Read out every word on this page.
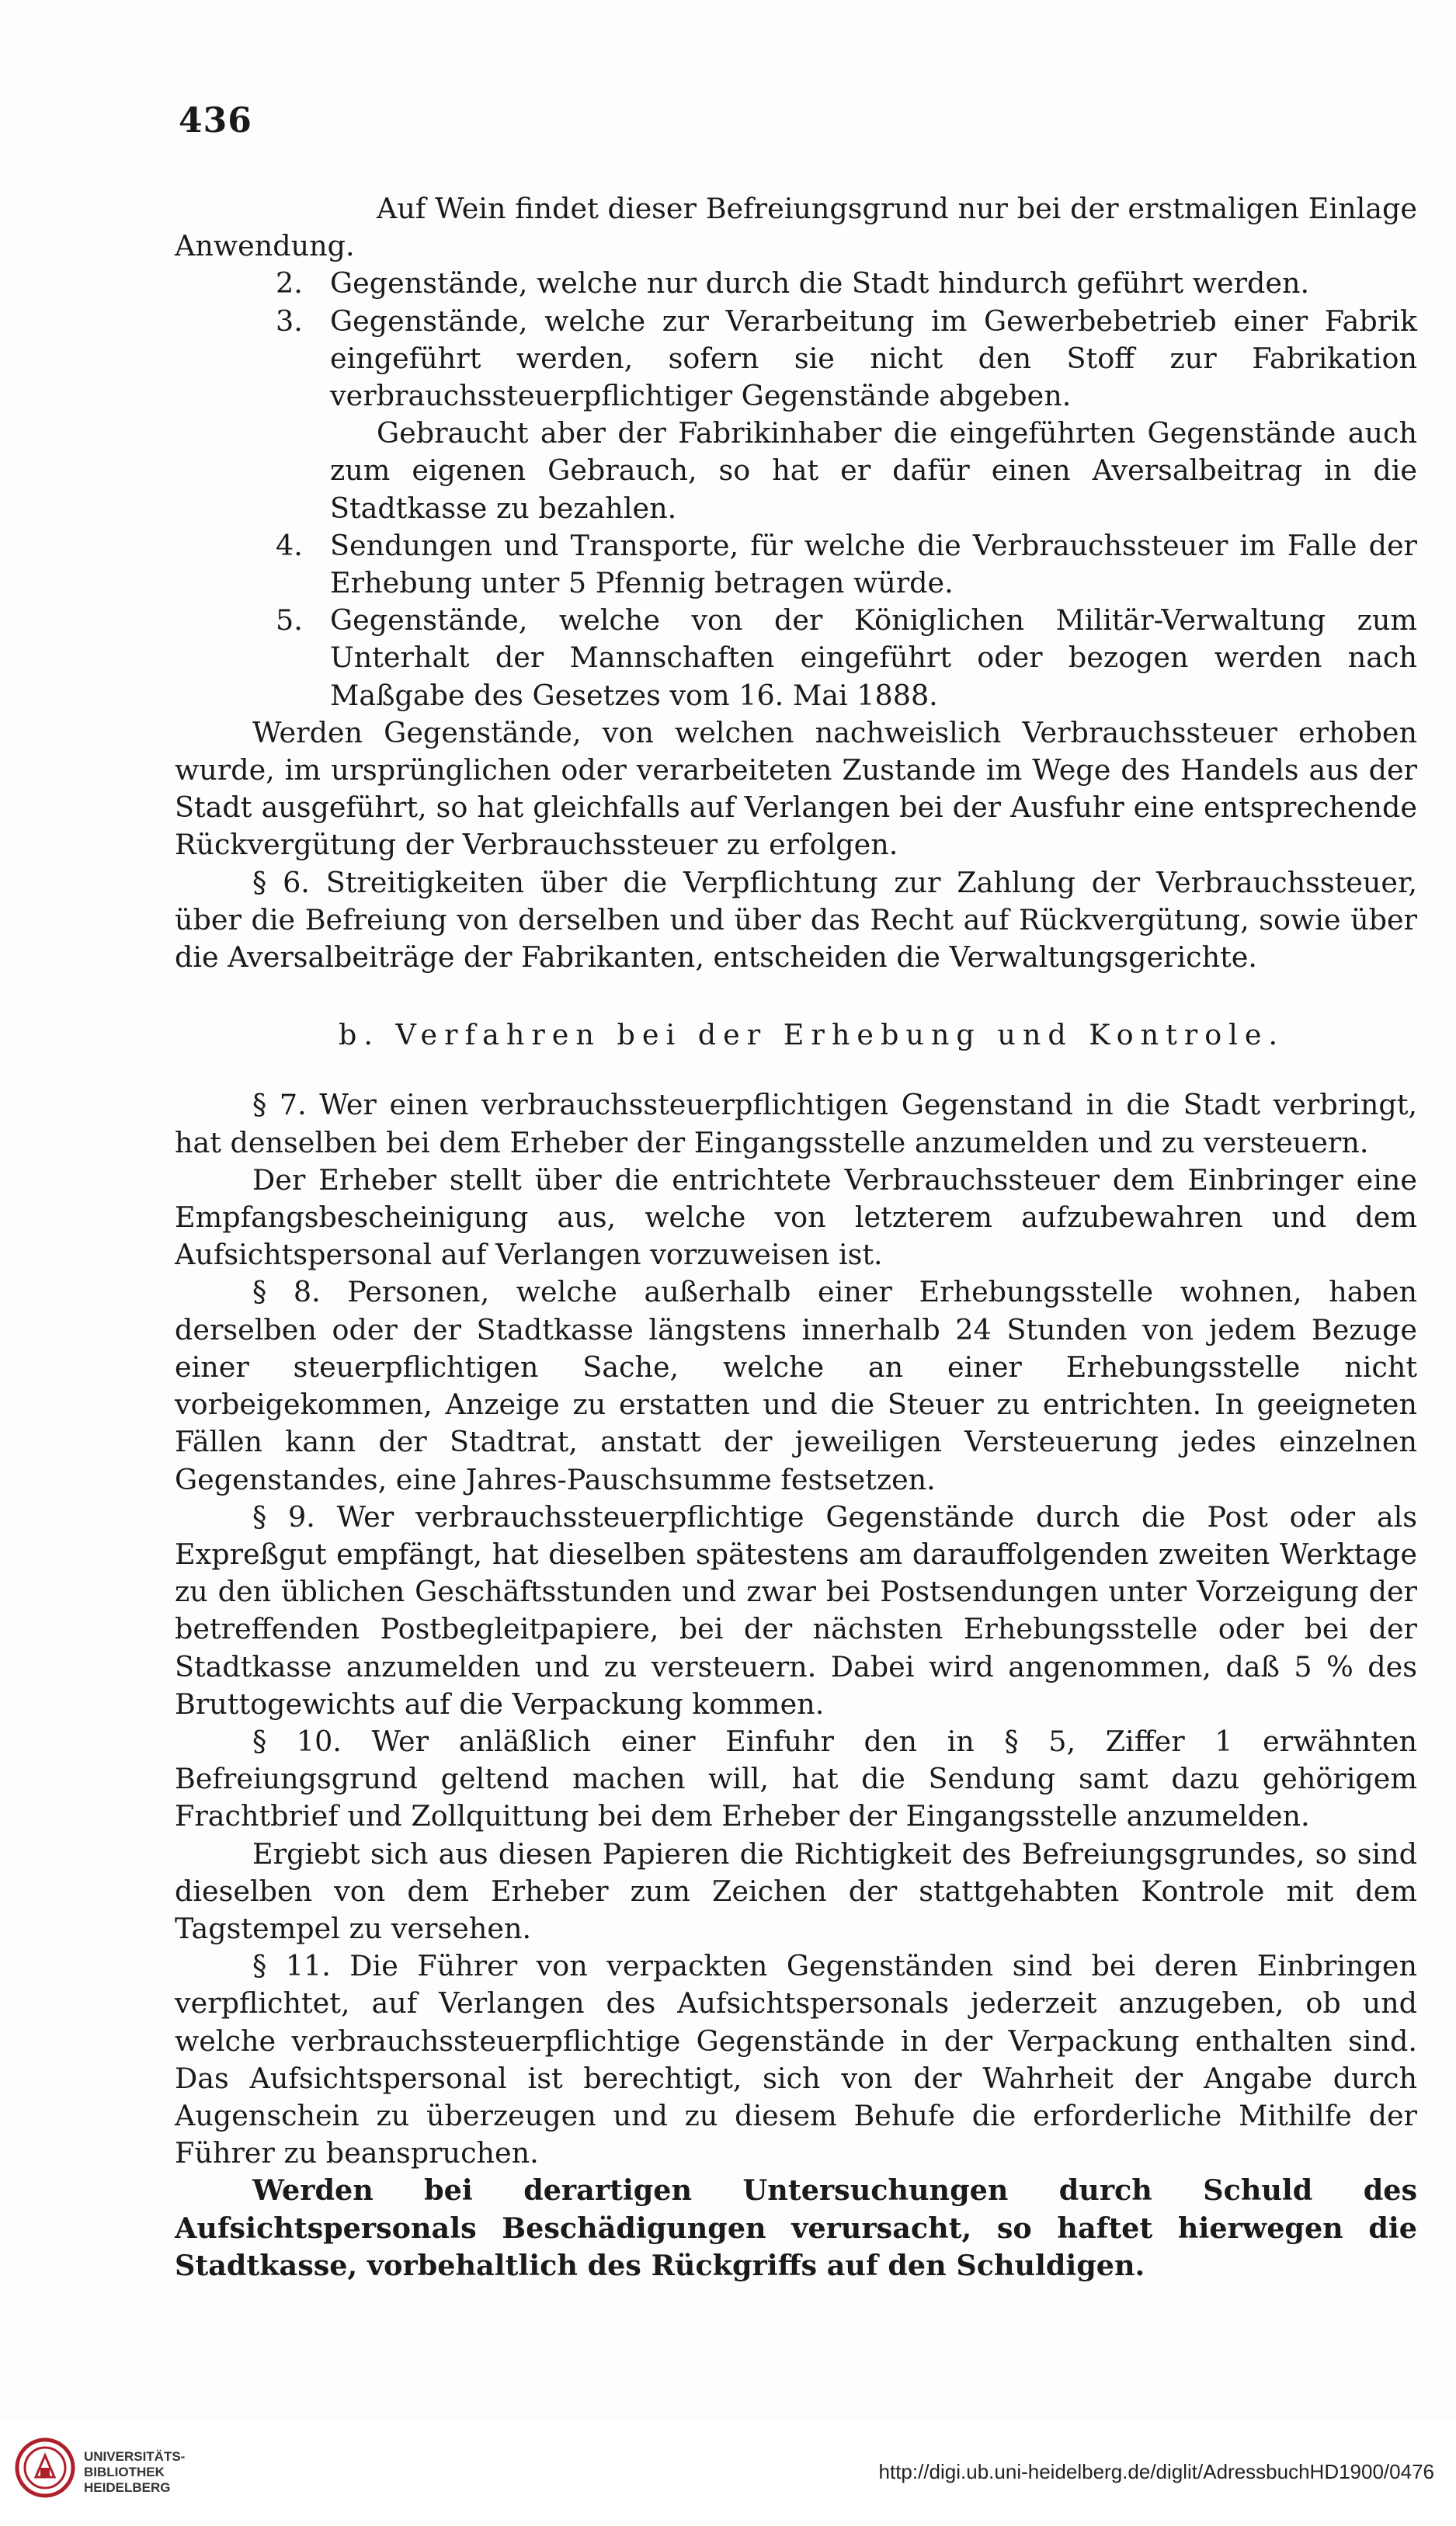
436

Auf Wein findet dieser Befreiungsgrund nur bei der erstmaligen Einlage Anwendung.

2. Gegenstände, welche nur durch die Stadt hindurch geführt werden.

3. Gegenstände, welche zur Verarbeitung im Gewerbebetrieb einer Fabrik eingeführt werden, sofern sie nicht den Stoff zur Fabrikation verbrauchssteuerpflichtiger Gegenstände abgeben.

Gebraucht aber der Fabrikinhaber die eingeführten Gegenstände auch zum eigenen Gebrauch, so hat er dafür einen Aversalbeitrag in die Stadtkasse zu bezahlen.

4. Sendungen und Transporte, für welche die Verbrauchssteuer im Falle der Erhebung unter 5 Pfennig betragen würde.

5. Gegenstände, welche von der Königlichen Militär-Verwaltung zum Unterhalt der Mannschaften eingeführt oder bezogen werden nach Maßgabe des Gesetzes vom 16. Mai 1888.

Werden Gegenstände, von welchen nachweislich Verbrauchssteuer erhoben wurde, im ursprünglichen oder verarbeiteten Zustande im Wege des Handels aus der Stadt ausgeführt, so hat gleichfalls auf Verlangen bei der Ausfuhr eine entsprechende Rückvergütung der Verbrauchssteuer zu erfolgen.

§ 6. Streitigkeiten über die Verpflichtung zur Zahlung der Verbrauchssteuer, über die Befreiung von derselben und über das Recht auf Rückvergütung, sowie über die Aversalbeiträge der Fabrikanten, entscheiden die Verwaltungsgerichte.

b. Verfahren bei der Erhebung und Kontrole.

§ 7. Wer einen verbrauchssteuerpflichtigen Gegenstand in die Stadt verbringt, hat denselben bei dem Erheber der Eingangsstelle anzumelden und zu versteuern.

Der Erheber stellt über die entrichtete Verbrauchssteuer dem Einbringer eine Empfangsbescheinigung aus, welche von letzterem aufzubewahren und dem Aufsichtspersonal auf Verlangen vorzuweisen ist.

§ 8. Personen, welche außerhalb einer Erhebungsstelle wohnen, haben derselben oder der Stadtkasse längstens innerhalb 24 Stunden von jedem Bezuge einer steuerpflichtigen Sache, welche an einer Erhebungsstelle nicht vorbeigekommen, Anzeige zu erstatten und die Steuer zu entrichten. In geeigneten Fällen kann der Stadtrat, anstatt der jeweiligen Versteuerung jedes einzelnen Gegenstandes, eine Jahres-Pauschsumme festsetzen.

§ 9. Wer verbrauchssteuerpflichtige Gegenstände durch die Post oder als Expreßgut empfängt, hat dieselben spätestens am darauffolgenden zweiten Werktage zu den üblichen Geschäftsstunden und zwar bei Postsendungen unter Vorzeigung der betreffenden Postbegleitpapiere, bei der nächsten Erhebungsstelle oder bei der Stadtkasse anzumelden und zu versteuern. Dabei wird angenommen, daß 5 % des Bruttogewichts auf die Verpackung kommen.

§ 10. Wer anläßlich einer Einfuhr den in § 5, Ziffer 1 erwähnten Befreiungsgrund geltend machen will, hat die Sendung samt dazu gehörigem Frachtbrief und Zollquittung bei dem Erheber der Eingangsstelle anzumelden.

Ergiebt sich aus diesen Papieren die Richtigkeit des Befreiungsgrundes, so sind dieselben von dem Erheber zum Zeichen der stattgehabten Kontrole mit dem Tagstempel zu versehen.

§ 11. Die Führer von verpackten Gegenständen sind bei deren Einbringen verpflichtet, auf Verlangen des Aufsichtspersonals jederzeit anzugeben, ob und welche verbrauchssteuerpflichtige Gegenstände in der Verpackung enthalten sind. Das Aufsichtspersonal ist berechtigt, sich von der Wahrheit der Angabe durch Augenschein zu überzeugen und zu diesem Behufe die erforderliche Mithilfe der Führer zu beanspruchen.

Werden bei derartigen Untersuchungen durch Schuld des Aufsichtspersonals Beschädigungen verursacht, so haftet hierwegen die Stadtkasse, vorbehaltlich des Rückgriffs auf den Schuldigen.

UNIVERSITÄTS-
BIBLIOTHEK
HEIDELBERG
http://digi.ub.uni-heidelberg.de/diglit/AdressbuchHD1900/0476
